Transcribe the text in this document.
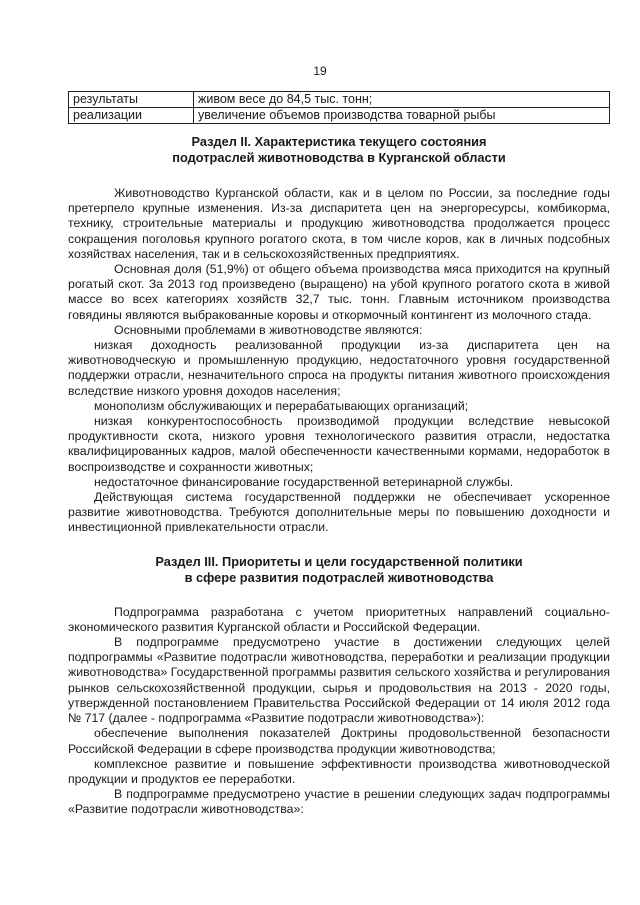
19
результаты	живом весе до 84,5 тыс. тонн;
реализации	увеличение объемов производства товарной рыбы
Раздел II. Характеристика текущего состояния
подотраслей животноводства в Курганской области

Животноводство Курганской области, как и в целом по России, за последние годы претерпело крупные изменения. Из-за диспаритета цен на энергоресурсы, комбикорма, технику, строительные материалы и продукцию животноводства продолжается процесс сокращения поголовья крупного рогатого скота, в том числе коров, как в личных подсобных хозяйствах населения, так и в сельскохозяйственных предприятиях.

Основная доля (51,9%) от общего объема производства мяса приходится на крупный рогатый скот. За 2013 год произведено (выращено) на убой крупного рогатого скота в живой массе во всех категориях хозяйств 32,7 тыс. тонн. Главным источником производства говядины являются выбракованные коровы и откормочный контингент из молочного стада.

Основными проблемами в животноводстве являются:

низкая доходность реализованной продукции из-за диспаритета цен на животноводческую и промышленную продукцию, недостаточного уровня государственной поддержки отрасли, незначительного спроса на продукты питания животного происхождения вследствие низкого уровня доходов населения;

монополизм обслуживающих и перерабатывающих организаций;

низкая конкурентоспособность производимой продукции вследствие невысокой продуктивности скота, низкого уровня технологического развития отрасли, недостатка квалифицированных кадров, малой обеспеченности качественными кормами, недоработок в воспроизводстве и сохранности животных;

недостаточное финансирование государственной ветеринарной службы.

Действующая система государственной поддержки не обеспечивает ускоренное развитие животноводства. Требуются дополнительные меры по повышению доходности и инвестиционной привлекательности отрасли.

Раздел III. Приоритеты и цели государственной политики
в сфере развития подотраслей животноводства

Подпрограмма разработана с учетом приоритетных направлений социально-экономического развития Курганской области и Российской Федерации.

В подпрограмме предусмотрено участие в достижении следующих целей подпрограммы «Развитие подотрасли животноводства, переработки и реализации продукции животноводства» Государственной программы развития сельского хозяйства и регулирования рынков сельскохозяйственной продукции, сырья и продовольствия на 2013 - 2020 годы, утвержденной постановлением Правительства Российской Федерации от 14 июля 2012 года № 717 (далее - подпрограмма «Развитие подотрасли животноводства»):

обеспечение выполнения показателей Доктрины продовольственной безопасности Российской Федерации в сфере производства продукции животноводства;

комплексное развитие и повышение эффективности производства животноводческой продукции и продуктов ее переработки.

В подпрограмме предусмотрено участие в решении следующих задач подпрограммы «Развитие подотрасли животноводства»:
